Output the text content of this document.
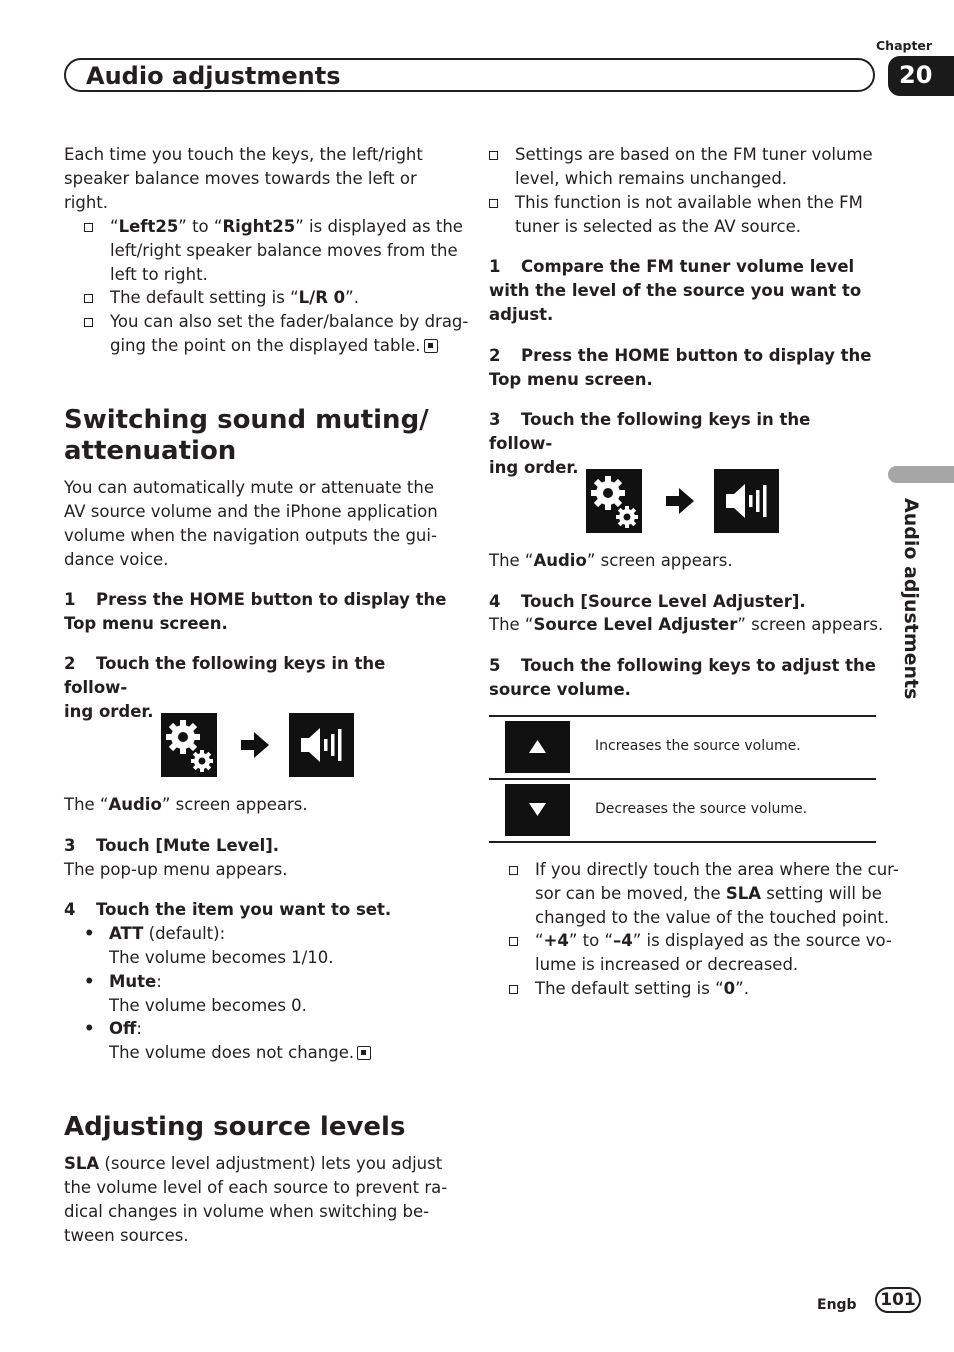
Chapter
20
Audio adjustments
Audio adjustments
Each time you touch the keys, the left/right speaker balance moves towards the left or right.
“Left25” to “Right25” is displayed as the
left/right speaker balance moves from the
left to right.
The default setting is “L/R 0”.
You can also set the fader/balance by drag-
ging the point on the displayed table.
Switching sound muting/
attenuation
You can automatically mute or attenuate the
AV source volume and the iPhone application
volume when the navigation outputs the gui-
dance voice.
1 Press the HOME button to display the
Top menu screen.
2 Touch the following keys in the follow-
ing order.
The “Audio” screen appears.
3 Touch [Mute Level].
The pop-up menu appears.
4 Touch the item you want to set.
• ATT (default):
The volume becomes 1/10.
• Mute:
The volume becomes 0.
• Off:
The volume does not change.
Adjusting source levels
SLA (source level adjustment) lets you adjust
the volume level of each source to prevent ra-
dical changes in volume when switching be-
tween sources.
Settings are based on the FM tuner volume
level, which remains unchanged.
This function is not available when the FM
tuner is selected as the AV source.
1 Compare the FM tuner volume level
with the level of the source you want to
adjust.
2 Press the HOME button to display the
Top menu screen.
3 Touch the following keys in the follow-
ing order.
The “Audio” screen appears.
4 Touch [Source Level Adjuster].
The “Source Level Adjuster” screen appears.
5 Touch the following keys to adjust the
source volume.
Increases the source volume.
Decreases the source volume.
If you directly touch the area where the cur-
sor can be moved, the SLA setting will be
changed to the value of the touched point.
“+4” to “–4” is displayed as the source vo-
lume is increased or decreased.
The default setting is “0”.
Engb	101
